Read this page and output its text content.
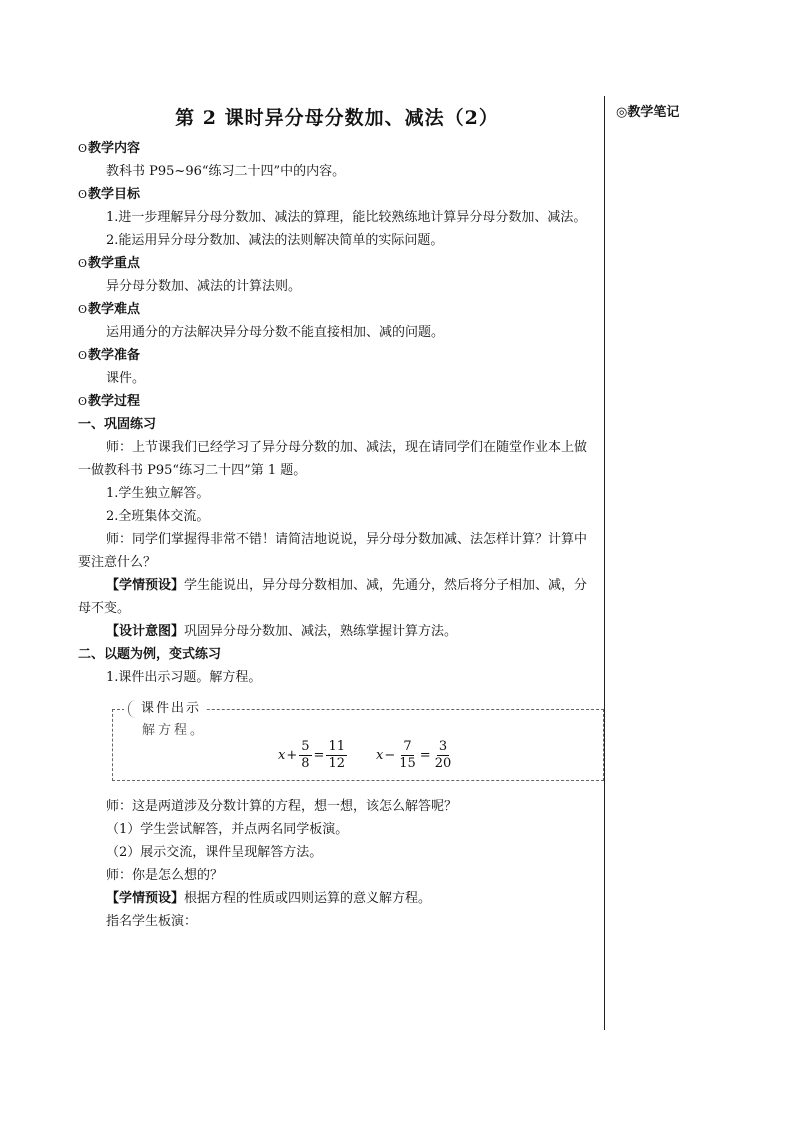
◎教学笔记
第 2 课时异分母分数加、减法（2）

ʘ教学内容

教科书 P95~96“练习二十四”中的内容。

ʘ教学目标

1.进一步理解异分母分数加、减法的算理，能比较熟练地计算异分母分数加、减法。

2.能运用异分母分数加、减法的法则解决简单的实际问题。

ʘ教学重点

异分母分数加、减法的计算法则。

ʘ教学难点

运用通分的方法解决异分母分数不能直接相加、减的问题。

ʘ教学准备

课件。

ʘ教学过程

一、巩固练习

师：上节课我们已经学习了异分母分数的加、减法，现在请同学们在随堂作业本上做一做教科书 P95“练习二十四”第 1 题。

1.学生独立解答。

2.全班集体交流。

师：同学们掌握得非常不错！请简洁地说说，异分母分数加减、法怎样计算？计算中要注意什么？

【学情预设】学生能说出，异分母分数相加、减，先通分，然后将分子相加、减，分母不变。

【设计意图】巩固异分母分数加、减法，熟练掌握计算方法。

二、以题为例，变式练习

1.课件出示习题。解方程。

课件出示
解方程。
$x + \frac{5}{8} = \frac{11}{12}$ $x - \frac{7}{15} = \frac{3}{20}$

师：这是两道涉及分数计算的方程，想一想，该怎么解答呢？

（1）学生尝试解答，并点两名同学板演。

（2）展示交流，课件呈现解答方法。

师：你是怎么想的？

【学情预设】根据方程的性质或四则运算的意义解方程。

指名学生板演：
